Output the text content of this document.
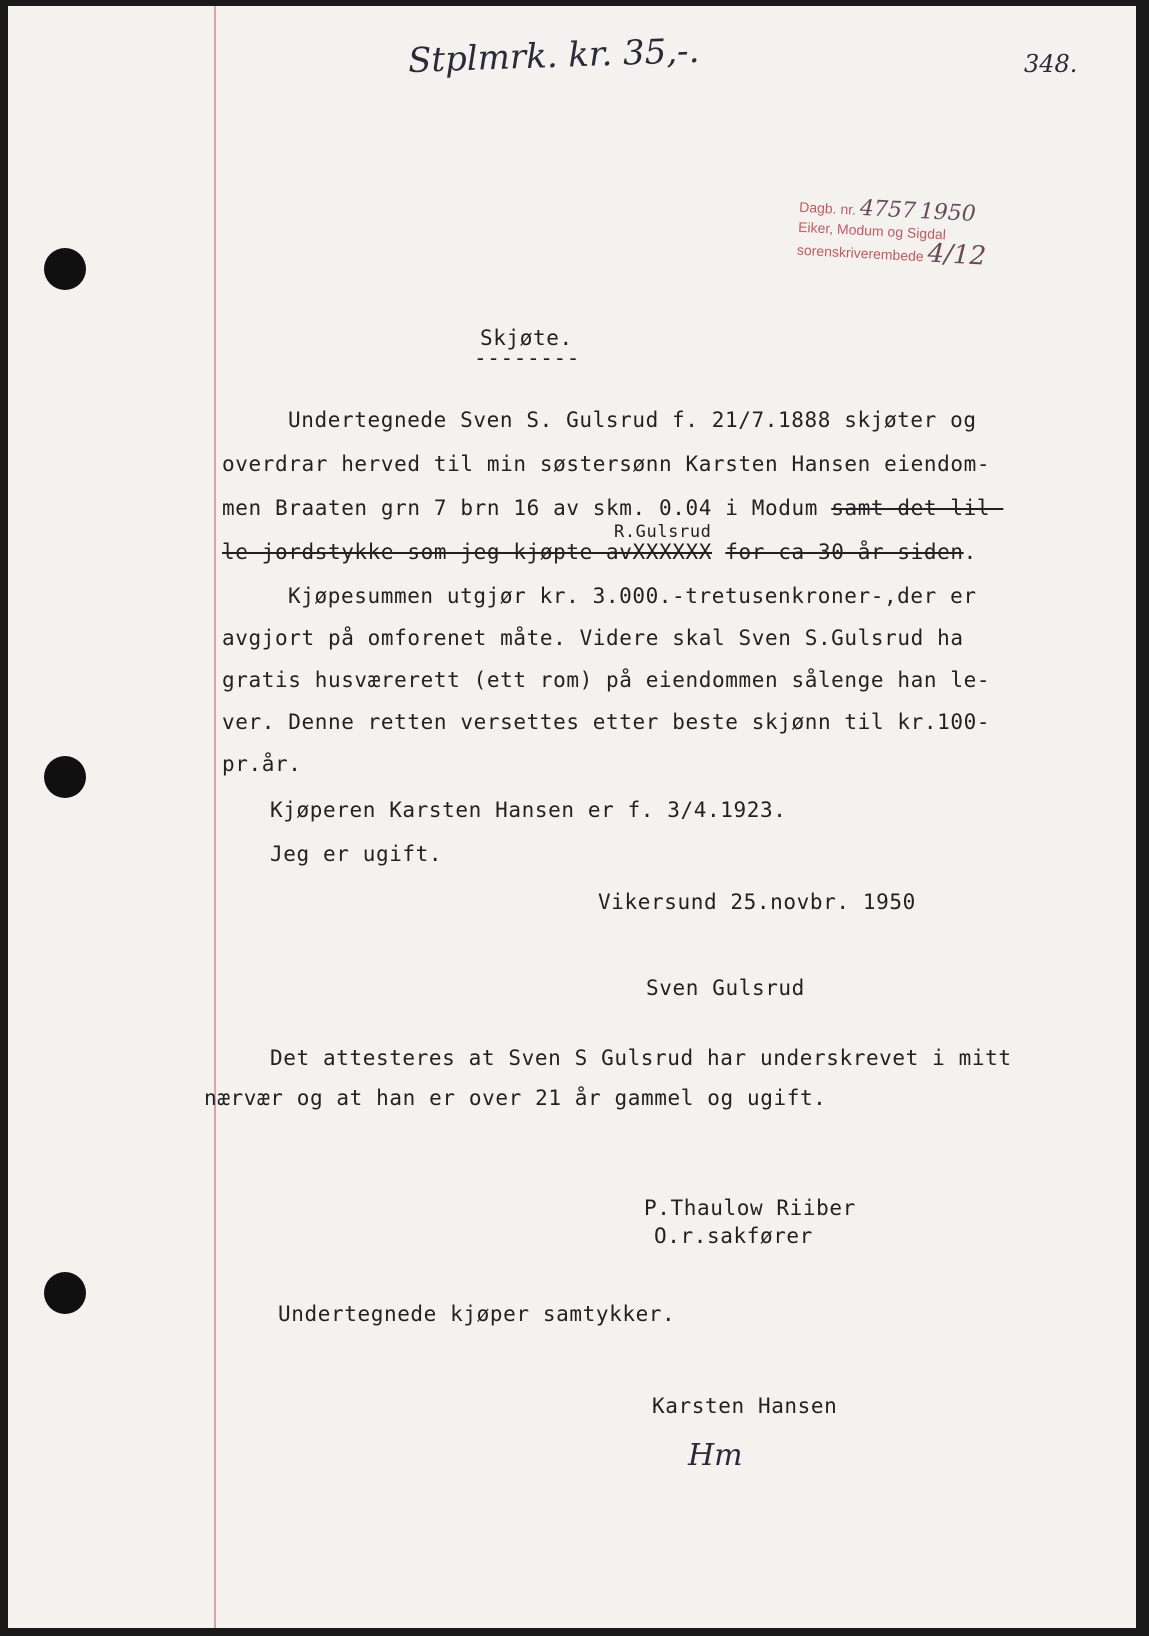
Stplmrk. kr. 35,-.	348.
Dagb. nr. 4757 1950
Eiker, Modum og Sigdal
sorenskriverembede 4/12
Skjøte.
--------
Undertegnede Sven S. Gulsrud f. 21/7.1888 skjøter og
overdrar herved til min søstersønn Karsten Hansen eiendom-
men Braaten grn 7 brn 16 av skm. 0.04 i Modum samt det lil-
R.Gulsrud
le jordstykke som jeg kjøpte avXXXXXX for ca 30 år siden.
Kjøpesummen utgjør kr. 3.000.-tretusenkroner-,der er
avgjort på omforenet måte. Videre skal Sven S.Gulsrud ha
gratis husværerett (ett rom) på eiendommen sålenge han le-
ver. Denne retten versettes etter beste skjønn til kr.100-
pr.år.
Kjøperen Karsten Hansen er f. 3/4.1923.
Jeg er ugift.
Vikersund 25.novbr. 1950
Sven Gulsrud
Det attesteres at Sven S Gulsrud har underskrevet i mitt
nærvær og at han er over 21 år gammel og ugift.
P.Thaulow Riiber
O.r.sakfører
Undertegnede kjøper samtykker.
Karsten Hansen
Hm
